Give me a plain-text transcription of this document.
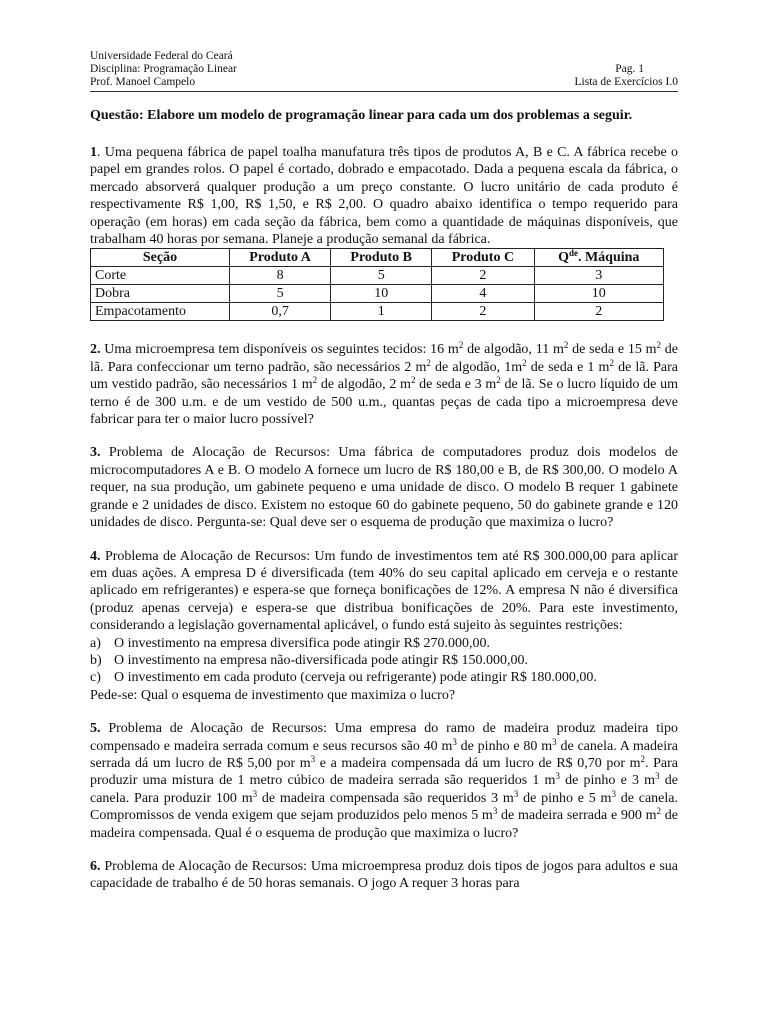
Universidade Federal do Ceará
Disciplina: Programação Linear	Pag. 1
Prof. Manoel Campelo	Lista de Exercícios I.0
Questão: Elabore um modelo de programação linear para cada um dos problemas a seguir.

1. Uma pequena fábrica de papel toalha manufatura três tipos de produtos A, B e C. A fábrica recebe o papel em grandes rolos. O papel é cortado, dobrado e empacotado. Dada a pequena escala da fábrica, o mercado absorverá qualquer produção a um preço constante. O lucro unitário de cada produto é respectivamente R$ 1,00, R$ 1,50, e R$ 2,00. O quadro abaixo identifica o tempo requerido para operação (em horas) em cada seção da fábrica, bem como a quantidade de máquinas disponíveis, que trabalham 40 horas por semana. Planeje a produção semanal da fábrica.

Seção	Produto A	Produto B	Produto C	$Q^{de}$. Máquina
Corte	8	5	2	3
Dobra	5	10	4	10
Empacotamento	0,7	1	2	2

2. Uma microempresa tem disponíveis os seguintes tecidos: 16 $m^2$ de algodão, 11 $m^2$ de seda e 15 $m^2$ de lã. Para confeccionar um terno padrão, são necessários 2 $m^2$ de algodão, $1m^2$ de seda e 1 $m^2$ de lã. Para um vestido padrão, são necessários 1 $m^2$ de algodão, 2 $m^2$ de seda e 3 $m^2$ de lã. Se o lucro líquido de um terno é de 300 u.m. e de um vestido de 500 u.m., quantas peças de cada tipo a microempresa deve fabricar para ter o maior lucro possível?

3. Problema de Alocação de Recursos: Uma fábrica de computadores produz dois modelos de microcomputadores A e B. O modelo A fornece um lucro de R$ 180,00 e B, de R$ 300,00. O modelo A requer, na sua produção, um gabinete pequeno e uma unidade de disco. O modelo B requer 1 gabinete grande e 2 unidades de disco. Existem no estoque 60 do gabinete pequeno, 50 do gabinete grande e 120 unidades de disco. Pergunta-se: Qual deve ser o esquema de produção que maximiza o lucro?

4. Problema de Alocação de Recursos: Um fundo de investimentos tem até R$ 300.000,00 para aplicar em duas ações. A empresa D é diversificada (tem 40% do seu capital aplicado em cerveja e o restante aplicado em refrigerantes) e espera-se que forneça bonificações de 12%. A empresa N não é diversifica (produz apenas cerveja) e espera-se que distribua bonificações de 20%. Para este investimento, considerando a legislação governamental aplicável, o fundo está sujeito às seguintes restrições:

a) O investimento na empresa diversifica pode atingir R$ 270.000,00.
b) O investimento na empresa não-diversificada pode atingir R$ 150.000,00.
c) O investimento em cada produto (cerveja ou refrigerante) pode atingir R$ 180.000,00.
Pede-se: Qual o esquema de investimento que maximiza o lucro?

5. Problema de Alocação de Recursos: Uma empresa do ramo de madeira produz madeira tipo compensado e madeira serrada comum e seus recursos são 40 $m^3$ de pinho e 80 $m^3$ de canela. A madeira serrada dá um lucro de R$ 5,00 por $m^3$ e a madeira compensada dá um lucro de R$ 0,70 por $m^2$. Para produzir uma mistura de 1 metro cúbico de madeira serrada são requeridos 1 $m^3$ de pinho e 3 $m^3$ de canela. Para produzir 100 $m^3$ de madeira compensada são requeridos 3 $m^3$ de pinho e 5 $m^3$ de canela. Compromissos de venda exigem que sejam produzidos pelo menos 5 $m^3$ de madeira serrada e 900 $m^2$ de madeira compensada. Qual é o esquema de produção que maximiza o lucro?

6. Problema de Alocação de Recursos: Uma microempresa produz dois tipos de jogos para adultos e sua capacidade de trabalho é de 50 horas semanais. O jogo A requer 3 horas para
